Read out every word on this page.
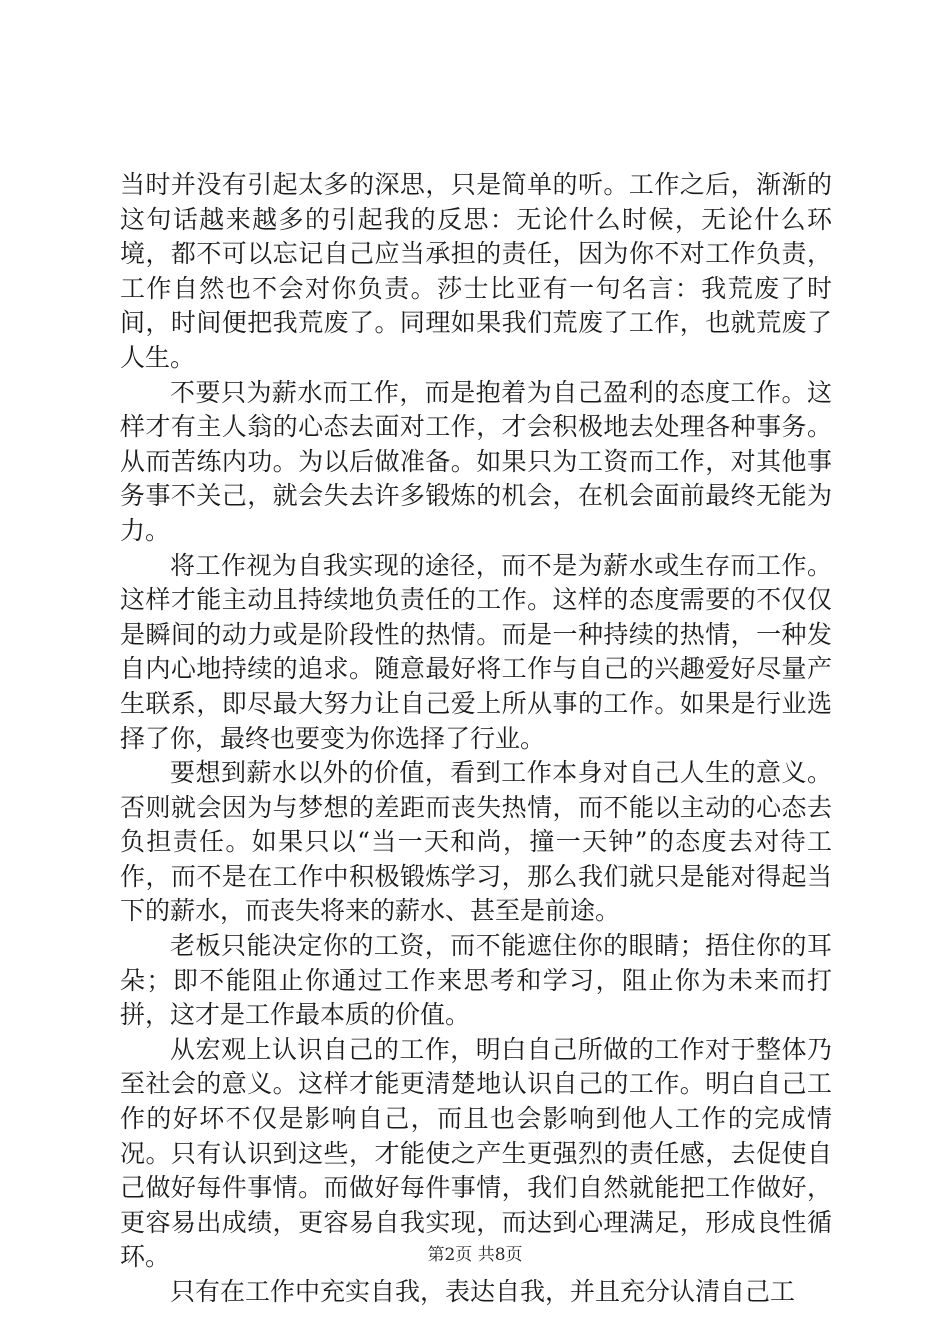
当时并没有引起太多的深思，只是简单的听。工作之后，渐渐的这句话越来越多的引起我的反思：无论什么时候，无论什么环境，都不可以忘记自己应当承担的责任，因为你不对工作负责，工作自然也不会对你负责。莎士比亚有一句名言：我荒废了时间，时间便把我荒废了。同理如果我们荒废了工作，也就荒废了人生。

不要只为薪水而工作，而是抱着为自己盈利的态度工作。这样才有主人翁的心态去面对工作，才会积极地去处理各种事务。从而苦练内功。为以后做准备。如果只为工资而工作，对其他事务事不关己，就会失去许多锻炼的机会，在机会面前最终无能为力。

将工作视为自我实现的途径，而不是为薪水或生存而工作。这样才能主动且持续地负责任的工作。这样的态度需要的不仅仅是瞬间的动力或是阶段性的热情。而是一种持续的热情，一种发自内心地持续的追求。随意最好将工作与自己的兴趣爱好尽量产生联系，即尽最大努力让自己爱上所从事的工作。如果是行业选择了你，最终也要变为你选择了行业。

要想到薪水以外的价值，看到工作本身对自己人生的意义。否则就会因为与梦想的差距而丧失热情，而不能以主动的心态去负担责任。如果只以“当一天和尚，撞一天钟”的态度去对待工作，而不是在工作中积极锻炼学习，那么我们就只是能对得起当下的薪水，而丧失将来的薪水、甚至是前途。

老板只能决定你的工资，而不能遮住你的眼睛；捂住你的耳朵；即不能阻止你通过工作来思考和学习，阻止你为未来而打拼，这才是工作最本质的价值。

从宏观上认识自己的工作，明白自己所做的工作对于整体乃至社会的意义。这样才能更清楚地认识自己的工作。明白自己工作的好坏不仅是影响自己，而且也会影响到他人工作的完成情况。只有认识到这些，才能使之产生更强烈的责任感，去促使自己做好每件事情。而做好每件事情，我们自然就能把工作做好，更容易出成绩，更容易自我实现，而达到心理满足，形成良性循环。

只有在工作中充实自我，表达自我，并且充分认清自己工

第2页 共8页
